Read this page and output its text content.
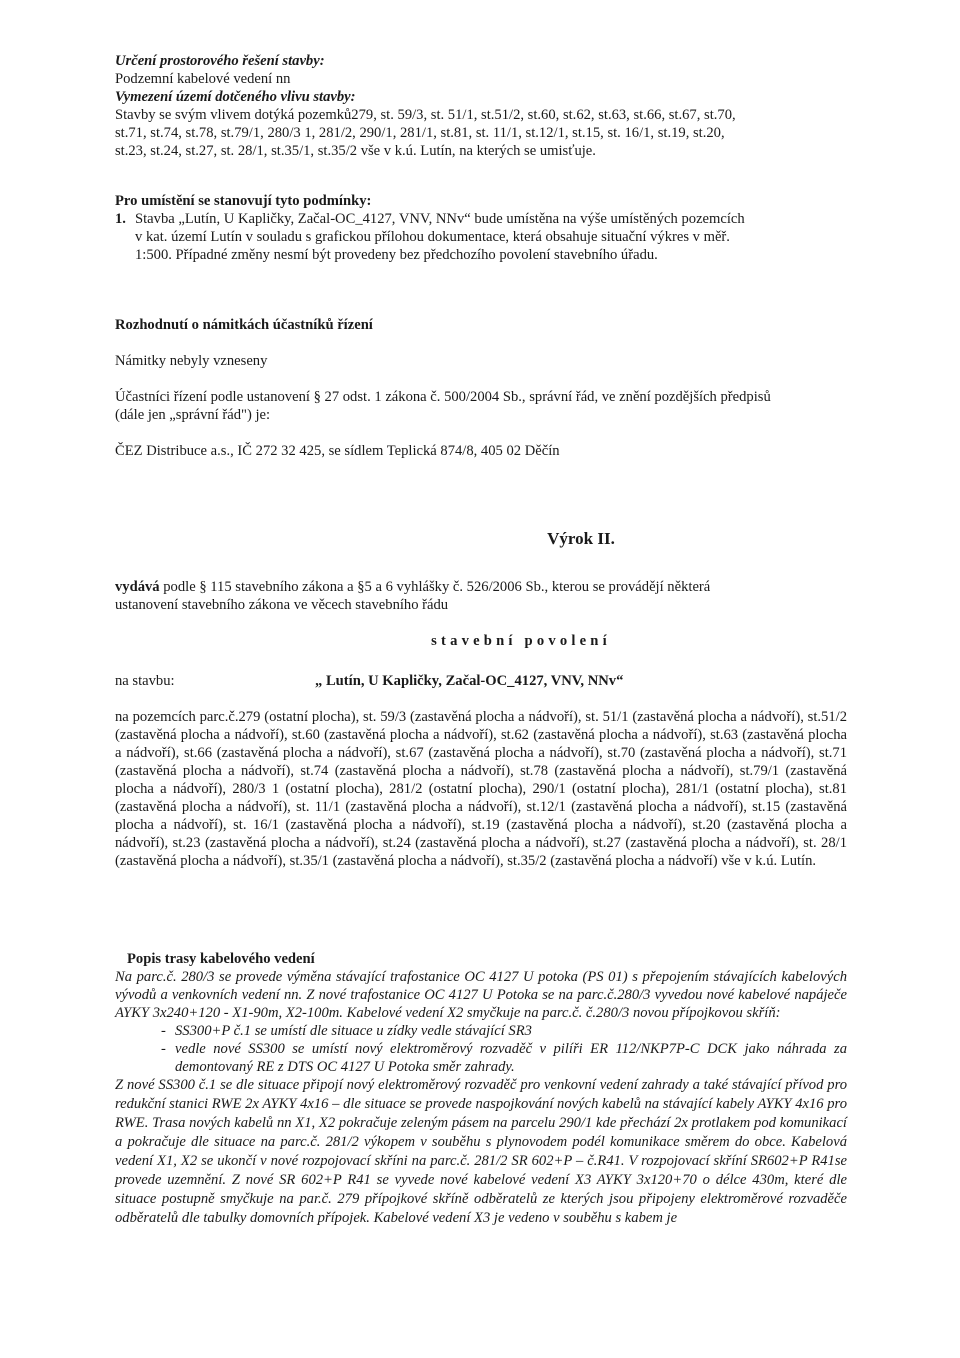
Určení prostorového řešení stavby:
Podzemní kabelové vedení nn
Vymezení území dotčeného vlivu stavby:
Stavby se svým vlivem dotýká pozemků279, st. 59/3, st. 51/1, st.51/2, st.60, st.62, st.63, st.66, st.67, st.70,
st.71, st.74, st.78, st.79/1, 280/3 1, 281/2, 290/1, 281/1, st.81, st. 11/1, st.12/1, st.15, st. 16/1, st.19, st.20,
st.23, st.24, st.27, st. 28/1, st.35/1, st.35/2 vše v k.ú. Lutín, na kterých se umisťuje.
Pro umístění se stanovují tyto podmínky:
1. Stavba „Lutín, U Kapličky, Začal-OC_4127, VNV, NNv“ bude umístěna na výše umístěných pozemcích
v kat. území Lutín v souladu s grafickou přílohou dokumentace, která obsahuje situační výkres v měř.
1:500. Případné změny nesmí být provedeny bez předchozího povolení stavebního úřadu.
Rozhodnutí o námitkách účastníků řízení
Námitky nebyly vzneseny
Účastníci řízení podle ustanovení § 27 odst. 1 zákona č. 500/2004 Sb., správní řád, ve znění pozdějších předpisů
(dále jen „správní řád") je:
ČEZ Distribuce a.s., IČ 272 32 425, se sídlem Teplická 874/8, 405 02 Děčín
Výrok II.
vydává podle § 115 stavebního zákona a §5 a 6 vyhlášky č. 526/2006 Sb., kterou se provádějí některá
ustanovení stavebního zákona ve věcech stavebního řádu
stavební povolení
na stavbu:	„ Lutín, U Kapličky, Začal-OC_4127, VNV, NNv“

na pozemcích parc.č.279 (ostatní plocha), st. 59/3 (zastavěná plocha a nádvoří), st. 51/1 (zastavěná plocha a nádvoří), st.51/2 (zastavěná plocha a nádvoří), st.60 (zastavěná plocha a nádvoří), st.62 (zastavěná plocha a nádvoří), st.63 (zastavěná plocha a nádvoří), st.66 (zastavěná plocha a nádvoří), st.67 (zastavěná plocha a nádvoří), st.70 (zastavěná plocha a nádvoří), st.71 (zastavěná plocha a nádvoří), st.74 (zastavěná plocha a nádvoří), st.78 (zastavěná plocha a nádvoří), st.79/1 (zastavěná plocha a nádvoří), 280/3 1 (ostatní plocha), 281/2 (ostatní plocha), 290/1 (ostatní plocha), 281/1 (ostatní plocha), st.81 (zastavěná plocha a nádvoří), st. 11/1 (zastavěná plocha a nádvoří), st.12/1 (zastavěná plocha a nádvoří), st.15 (zastavěná plocha a nádvoří), st. 16/1 (zastavěná plocha a nádvoří), st.19 (zastavěná plocha a nádvoří), st.20 (zastavěná plocha a nádvoří), st.23 (zastavěná plocha a nádvoří), st.24 (zastavěná plocha a nádvoří), st.27 (zastavěná plocha a nádvoří), st. 28/1 (zastavěná plocha a nádvoří), st.35/1 (zastavěná plocha a nádvoří), st.35/2 (zastavěná plocha a nádvoří) vše v k.ú. Lutín.

Popis trasy kabelového vedení

Na parc.č. 280/3 se provede výměna stávající trafostanice OC 4127 U potoka (PS 01) s přepojením stávajících kabelových vývodů a venkovních vedení nn. Z nové trafostanice OC 4127 U Potoka se na parc.č.280/3 vyvedou nové kabelové napáječe AYKY 3x240+120 - X1-90m, X2-100m. Kabelové vedení X2 smyčkuje na parc.č. č.280/3 novou přípojkovou skříň:

- SS300+P č.1 se umístí dle situace u zídky vedle stávající SR3
- vedle nové SS300 se umístí nový elektroměrový rozvaděč v pilíři ER 112/NKP7P-C DCK jako náhrada za demontovaný RE z DTS OC 4127 U Potoka směr zahrady.

Z nové SS300 č.1 se dle situace připojí nový elektroměrový rozvaděč pro venkovní vedení zahrady a také stávající přívod pro redukční stanici RWE 2x AYKY 4x16 – dle situace se provede naspojkování nových kabelů na stávající kabely AYKY 4x16 pro RWE. Trasa nových kabelů nn X1, X2 pokračuje zeleným pásem na parcelu 290/1 kde přechází 2x protlakem pod komunikací a pokračuje dle situace na parc.č. 281/2 výkopem v souběhu s plynovodem podél komunikace směrem do obce. Kabelová vedení X1, X2 se ukončí v nové rozpojovací skříni na parc.č. 281/2 SR 602+P – č.R41. V rozpojovací skříní SR602+P R41se provede uzemnění. Z nové SR 602+P R41 se vyvede nové kabelové vedení X3 AYKY 3x120+70 o délce 430m, které dle situace postupně smyčkuje na par.č. 279 přípojkové skříně odběratelů ze kterých jsou připojeny elektroměrové rozvaděče odběratelů dle tabulky domovních přípojek. Kabelové vedení X3 je vedeno v souběhu s kabem je
